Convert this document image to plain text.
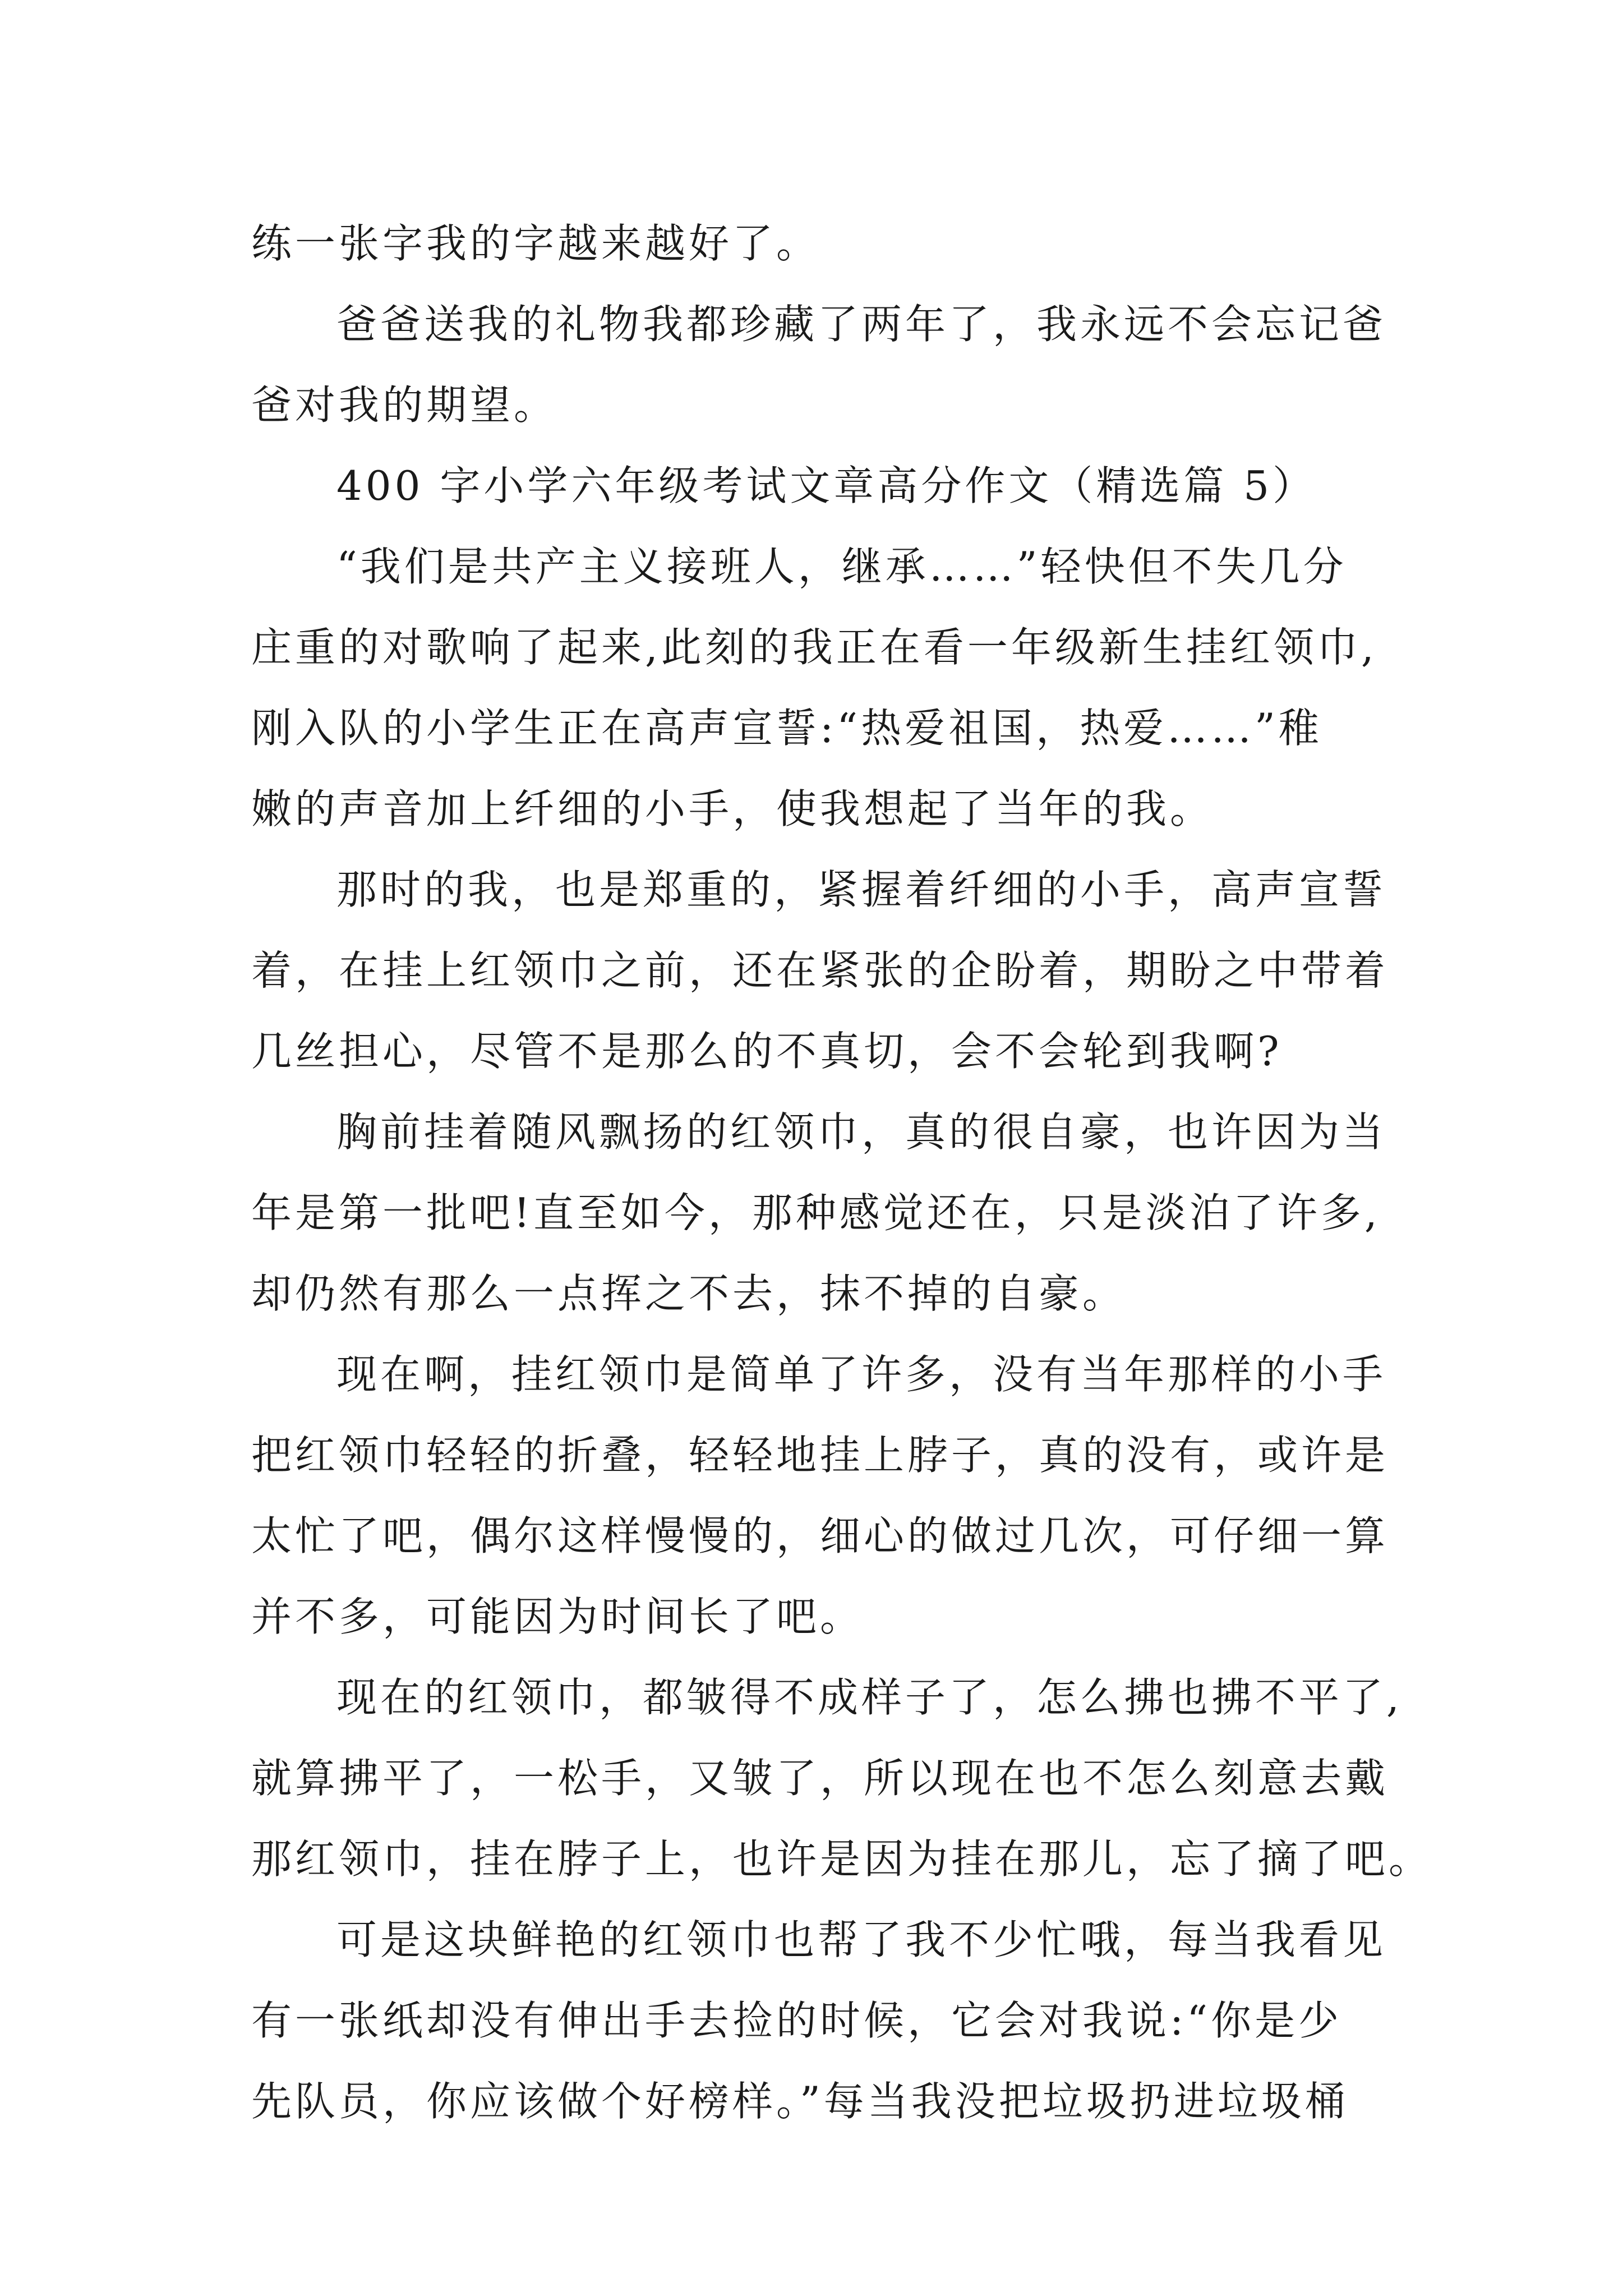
练一张字我的字越来越好了。
爸爸送我的礼物我都珍藏了两年了，我永远不会忘记爸
爸对我的期望。
400 字小学六年级考试文章高分作文（精选篇 5）
“我们是共产主义接班人，继承……”轻快但不失几分
庄重的对歌响了起来,此刻的我正在看一年级新生挂红领巾,
刚入队的小学生正在高声宣誓:“热爱祖国，热爱……”稚
嫩的声音加上纤细的小手，使我想起了当年的我。
那时的我，也是郑重的，紧握着纤细的小手，高声宣誓
着，在挂上红领巾之前，还在紧张的企盼着，期盼之中带着
几丝担心，尽管不是那么的不真切，会不会轮到我啊?
胸前挂着随风飘扬的红领巾，真的很自豪，也许因为当
年是第一批吧!直至如今，那种感觉还在，只是淡泊了许多,
却仍然有那么一点挥之不去，抹不掉的自豪。
现在啊，挂红领巾是简单了许多，没有当年那样的小手
把红领巾轻轻的折叠，轻轻地挂上脖子，真的没有，或许是
太忙了吧，偶尔这样慢慢的，细心的做过几次，可仔细一算
并不多，可能因为时间长了吧。
现在的红领巾，都皱得不成样子了，怎么拂也拂不平了,
就算拂平了，一松手，又皱了，所以现在也不怎么刻意去戴
那红领巾，挂在脖子上，也许是因为挂在那儿，忘了摘了吧。
可是这块鲜艳的红领巾也帮了我不少忙哦，每当我看见
有一张纸却没有伸出手去捡的时候，它会对我说:“你是少
先队员，你应该做个好榜样。”每当我没把垃圾扔进垃圾桶
